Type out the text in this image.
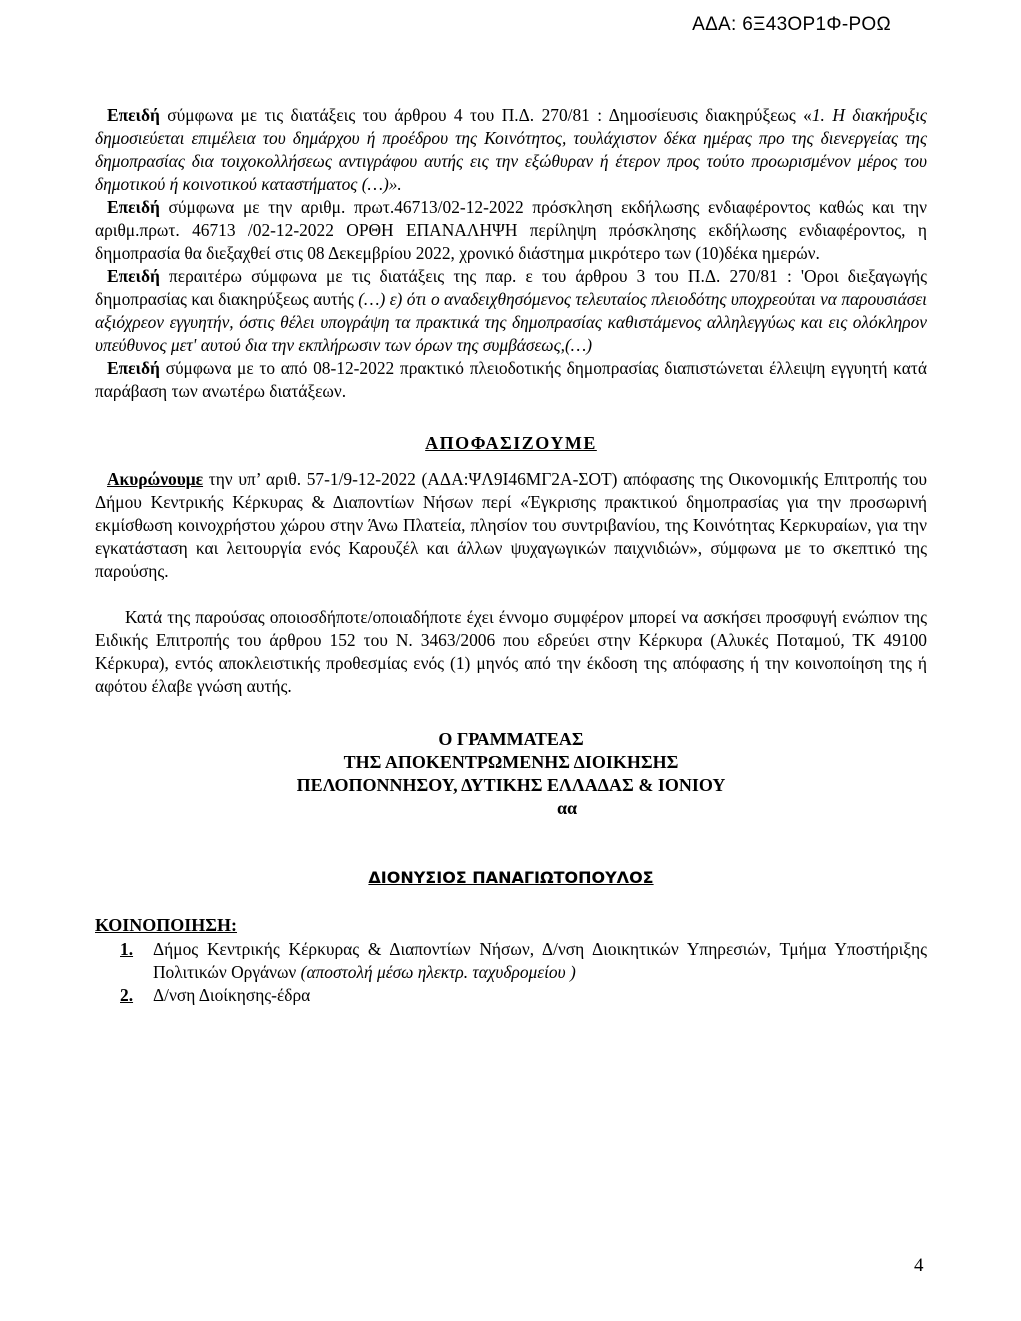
ΑΔΑ: 6Ξ43ΟΡ1Φ-ΡΟΩ

Επειδή σύμφωνα με τις διατάξεις του άρθρου 4 του Π.Δ. 270/81 : Δημοσίευσις διακηρύξεως «1. Η διακήρυξις δημοσιεύεται επιμέλεια του δημάρχου ή προέδρου της Κοινότητος, τουλάχιστον δέκα ημέρας προ της διενεργείας της δημοπρασίας δια τοιχοκολλήσεως αντιγράφου αυτής εις την εξώθυραν ή έτερον προς τούτο προωρισμένον μέρος του δημοτικού ή κοινοτικού καταστήματος (…)».

Επειδή σύμφωνα με την αριθμ. πρωτ.46713/02-12-2022 πρόσκληση εκδήλωσης ενδιαφέροντος καθώς και την αριθμ.πρωτ. 46713 /02-12-2022 ΟΡΘΗ ΕΠΑΝΑΛΗΨΗ περίληψη πρόσκλησης εκδήλωσης ενδιαφέροντος, η δημοπρασία θα διεξαχθεί στις 08 Δεκεμβρίου 2022, χρονικό διάστημα μικρότερο των (10)δέκα ημερών.

Επειδή περαιτέρω σύμφωνα με τις διατάξεις της παρ. ε του άρθρου 3 του Π.Δ. 270/81 : 'Οροι διεξαγωγής δημοπρασίας και διακηρύξεως αυτής (…) ε) ότι ο αναδειχθησόμενος τελευταίος πλειοδότης υποχρεούται να παρουσιάσει αξιόχρεον εγγυητήν, όστις θέλει υπογράψη τα πρακτικά της δημοπρασίας καθιστάμενος αλληλεγγύως και εις ολόκληρον υπεύθυνος μετ' αυτού δια την εκπλήρωσιν των όρων της συμβάσεως,(…)

Επειδή σύμφωνα με το από 08-12-2022 πρακτικό πλειοδοτικής δημοπρασίας διαπιστώνεται έλλειψη εγγυητή κατά παράβαση των ανωτέρω διατάξεων.

ΑΠΟΦΑΣΙΖΟΥΜΕ

Ακυρώνουμε την υπ’ αριθ. 57-1/9-12-2022 (ΑΔΑ:ΨΛ9Ι46ΜΓ2Α-ΣΟΤ) απόφασης της Οικονομικής Επιτροπής του Δήμου Κεντρικής Κέρκυρας & Διαποντίων Νήσων περί «Έγκρισης πρακτικού δημοπρασίας για την προσωρινή εκμίσθωση κοινοχρήστου χώρου στην Άνω Πλατεία, πλησίον του συντριβανίου, της Κοινότητας Κερκυραίων, για την εγκατάσταση και λειτουργία ενός Καρουζέλ και άλλων ψυχαγωγικών παιχνιδιών», σύμφωνα με το σκεπτικό της παρούσης.

Κατά της παρούσας οποιοσδήποτε/οποιαδήποτε έχει έννομο συμφέρον μπορεί να ασκήσει προσφυγή ενώπιον της Ειδικής Επιτροπής του άρθρου 152 του Ν. 3463/2006 που εδρεύει στην Κέρκυρα (Αλυκές Ποταμού, ΤΚ 49100 Κέρκυρα), εντός αποκλειστικής προθεσμίας ενός (1) μηνός από την έκδοση της απόφασης ή την κοινοποίηση της ή αφότου έλαβε γνώση αυτής.

Ο ΓΡΑΜΜΑΤΕΑΣ
ΤΗΣ ΑΠΟΚΕΝΤΡΩΜΕΝΗΣ ΔΙΟΙΚΗΣΗΣ
ΠΕΛΟΠΟΝΝΗΣΟΥ, ΔΥΤΙΚΗΣ ΕΛΛΑΔΑΣ & ΙΟΝΙΟΥ
αα
ΔΙΟΝΥΣΙΟΣ ΠΑΝΑΓΙΩΤΟΠΟΥΛΟΣ
ΚΟΙΝΟΠΟΙΗΣΗ:
1.	Δήμος Κεντρικής Κέρκυρας & Διαποντίων Νήσων, Δ/νση Διοικητικών Υπηρεσιών, Τμήμα Υποστήριξης Πολιτικών Οργάνων (αποστολή μέσω ηλεκτρ. ταχυδρομείου )
2.	Δ/νση Διοίκησης-έδρα
4
